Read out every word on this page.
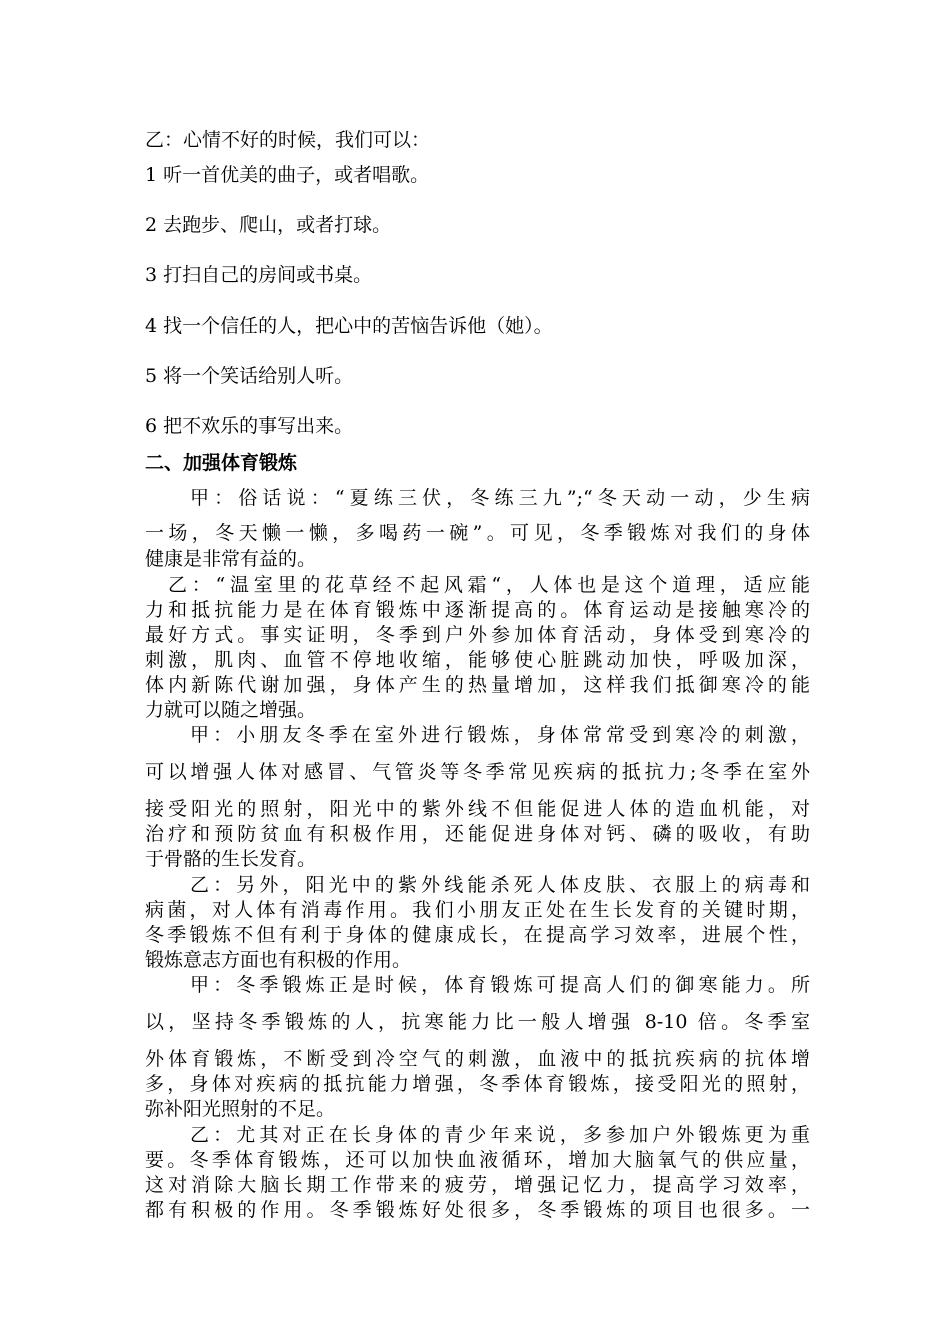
乙：心情不好的时候，我们可以：
1 听一首优美的曲子，或者唱歌。
2 去跑步、爬山，或者打球。
3 打扫自己的房间或书桌。
4 找一个信任的人，把心中的苦恼告诉他（她）。
5 将一个笑话给别人听。
6 把不欢乐的事写出来。
二、加强体育锻炼
甲：俗话说：“夏练三伏，冬练三九”;“冬天动一动，少生病
一场，冬天懒一懒，多喝药一碗”。可见，冬季锻炼对我们的身体
健康是非常有益的。
乙：“温室里的花草经不起风霜“，人体也是这个道理，适应能
力和抵抗能力是在体育锻炼中逐渐提高的。体育运动是接触寒冷的
最好方式。事实证明，冬季到户外参加体育活动，身体受到寒冷的
刺激，肌肉、血管不停地收缩，能够使心脏跳动加快，呼吸加深，
体内新陈代谢加强，身体产生的热量增加，这样我们抵御寒冷的能
力就可以随之增强。
甲：小朋友冬季在室外进行锻炼，身体常常受到寒冷的刺激，
可以增强人体对感冒、气管炎等冬季常见疾病的抵抗力;冬季在室外
接受阳光的照射，阳光中的紫外线不但能促进人体的造血机能，对
治疗和预防贫血有积极作用，还能促进身体对钙、磷的吸收，有助
于骨骼的生长发育。
乙：另外，阳光中的紫外线能杀死人体皮肤、衣服上的病毒和
病菌，对人体有消毒作用。我们小朋友正处在生长发育的关键时期，
冬季锻炼不但有利于身体的健康成长，在提高学习效率，进展个性，
锻炼意志方面也有积极的作用。
甲：冬季锻炼正是时候，体育锻炼可提高人们的御寒能力。所
以，坚持冬季锻炼的人，抗寒能力比一般人增强 8-10 倍。冬季室
外体育锻炼，不断受到冷空气的刺激，血液中的抵抗疾病的抗体增
多，身体对疾病的抵抗能力增强，冬季体育锻炼，接受阳光的照射，
弥补阳光照射的不足。
乙：尤其对正在长身体的青少年来说，多参加户外锻炼更为重
要。冬季体育锻炼，还可以加快血液循环，增加大脑氧气的供应量，
这对消除大脑长期工作带来的疲劳，增强记忆力，提高学习效率，
都有积极的作用。冬季锻炼好处很多，冬季锻炼的项目也很多。一
